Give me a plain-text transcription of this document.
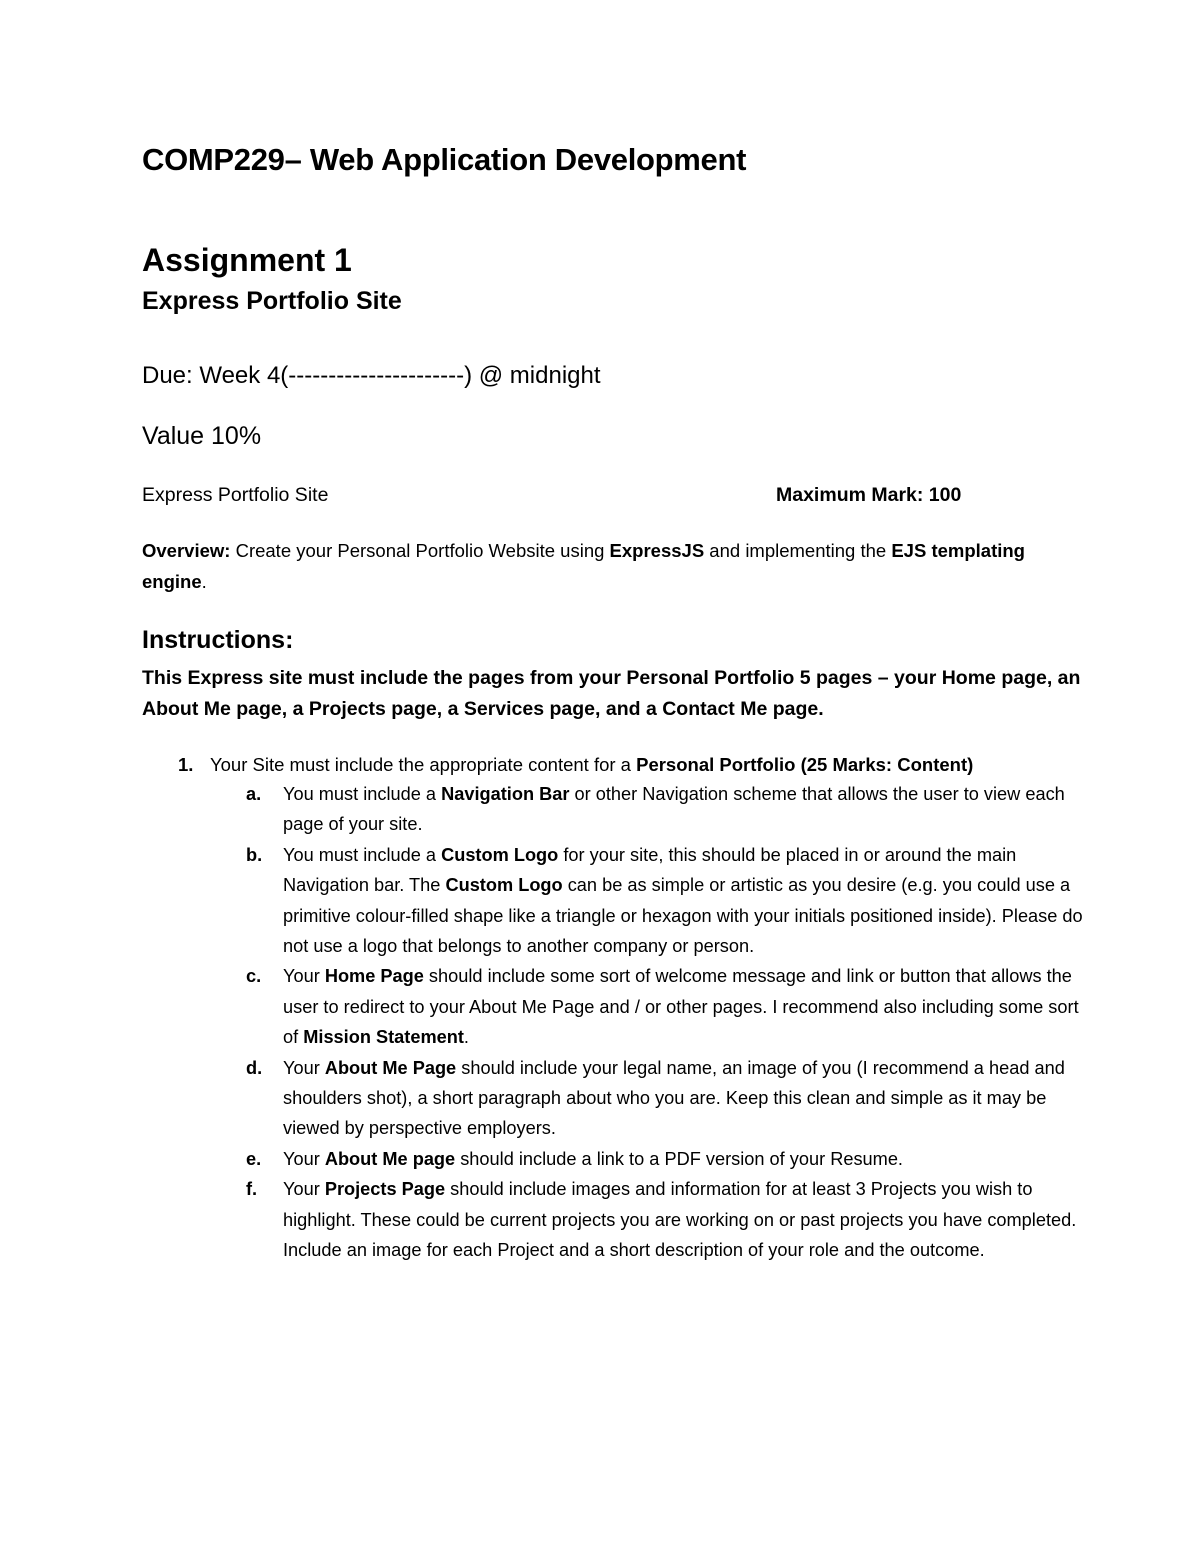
COMP229– Web Application Development
Assignment 1
Express Portfolio Site
Due: Week 4(----------------------) @ midnight
Value 10%
Express Portfolio Site	Maximum Mark: 100
Overview: Create your Personal Portfolio Website using ExpressJS and implementing the EJS templating engine.
Instructions:
This Express site must include the pages from your Personal Portfolio 5 pages – your Home page, an About Me page, a Projects page, a Services page, and a Contact Me page.
1. Your Site must include the appropriate content for a Personal Portfolio (25 Marks: Content)
a. You must include a Navigation Bar or other Navigation scheme that allows the user to view each page of your site.
b. You must include a Custom Logo for your site, this should be placed in or around the main Navigation bar. The Custom Logo can be as simple or artistic as you desire (e.g. you could use a primitive colour-filled shape like a triangle or hexagon with your initials positioned inside). Please do not use a logo that belongs to another company or person.
c. Your Home Page should include some sort of welcome message and link or button that allows the user to redirect to your About Me Page and / or other pages. I recommend also including some sort of Mission Statement.
d. Your About Me Page should include your legal name, an image of you (I recommend a head and shoulders shot), a short paragraph about who you are. Keep this clean and simple as it may be viewed by perspective employers.
e. Your About Me page should include a link to a PDF version of your Resume.
f. Your Projects Page should include images and information for at least 3 Projects you wish to highlight. These could be current projects you are working on or past projects you have completed. Include an image for each Project and a short description of your role and the outcome.
